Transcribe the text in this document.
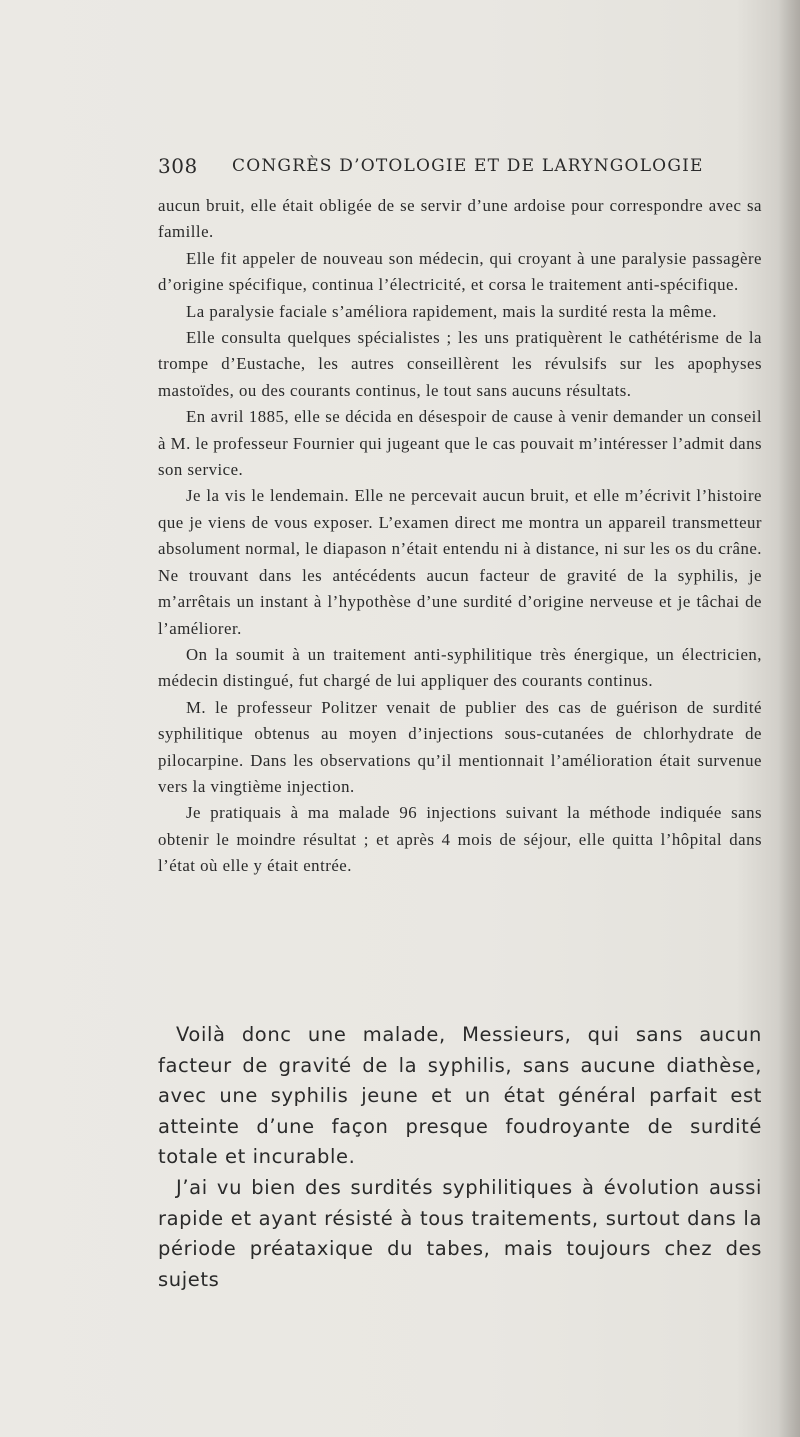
308 CONGRÈS D’OTOLOGIE ET DE LARYNGOLOGIE

aucun bruit, elle était obligée de se servir d’une ardoise pour correspondre avec sa famille.

Elle fit appeler de nouveau son médecin, qui croyant à une paralysie passagère d’origine spécifique, continua l’électricité, et corsa le traitement anti-spécifique.

La paralysie faciale s’améliora rapidement, mais la surdité resta la même.

Elle consulta quelques spécialistes ; les uns pratiquèrent le cathétérisme de la trompe d’Eustache, les autres conseillèrent les révulsifs sur les apophyses mastoïdes, ou des courants continus, le tout sans aucuns résultats.

En avril 1885, elle se décida en désespoir de cause à venir demander un conseil à M. le professeur Fournier qui jugeant que le cas pouvait m’intéresser l’admit dans son service.

Je la vis le lendemain. Elle ne percevait aucun bruit, et elle m’écrivit l’histoire que je viens de vous exposer. L’examen direct me montra un appareil transmetteur absolument normal, le diapason n’était entendu ni à distance, ni sur les os du crâne. Ne trouvant dans les antécédents aucun facteur de gravité de la syphilis, je m’arrêtais un instant à l’hypothèse d’une surdité d’origine nerveuse et je tâchai de l’améliorer.

On la soumit à un traitement anti-syphilitique très énergique, un électricien, médecin distingué, fut chargé de lui appliquer des courants continus.

M. le professeur Politzer venait de publier des cas de guérison de surdité syphilitique obtenus au moyen d’injections sous-cutanées de chlorhydrate de pilocarpine. Dans les observations qu’il mentionnait l’amélioration était survenue vers la vingtième injection.

Je pratiquais à ma malade 96 injections suivant la méthode indiquée sans obtenir le moindre résultat ; et après 4 mois de séjour, elle quitta l’hôpital dans l’état où elle y était entrée.

Voilà donc une malade, Messieurs, qui sans aucun facteur de gravité de la syphilis, sans aucune diathèse, avec une syphilis jeune et un état général parfait est atteinte d’une façon presque foudroyante de surdité totale et incurable.

J’ai vu bien des surdités syphilitiques à évolution aussi rapide et ayant résisté à tous traitements, surtout dans la période préataxique du tabes, mais toujours chez des sujets
